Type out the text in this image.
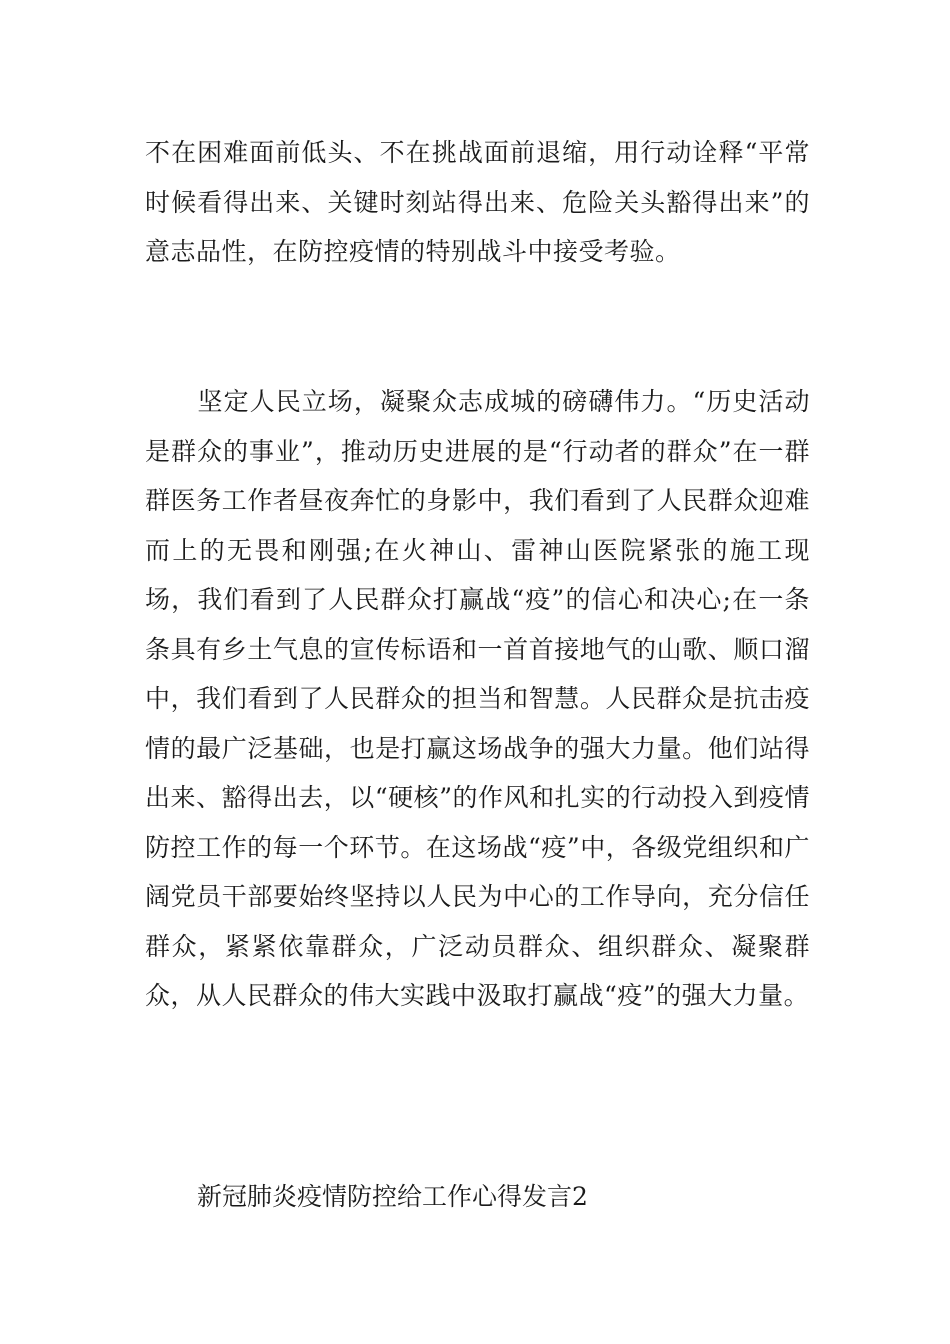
不在困难面前低头、不在挑战面前退缩，用行动诠释“平常时候看得出来、关键时刻站得出来、危险关头豁得出来”的意志品性，在防控疫情的特别战斗中接受考验。

坚定人民立场，凝聚众志成城的磅礴伟力。“历史活动是群众的事业”，推动历史进展的是“行动者的群众”在一群群医务工作者昼夜奔忙的身影中，我们看到了人民群众迎难而上的无畏和刚强;在火神山、雷神山医院紧张的施工现场，我们看到了人民群众打赢战“疫”的信心和决心;在一条条具有乡土气息的宣传标语和一首首接地气的山歌、顺口溜中，我们看到了人民群众的担当和智慧。人民群众是抗击疫情的最广泛基础，也是打赢这场战争的强大力量。他们站得出来、豁得出去，以“硬核”的作风和扎实的行动投入到疫情防控工作的每一个环节。在这场战“疫”中，各级党组织和广阔党员干部要始终坚持以人民为中心的工作导向，充分信任群众，紧紧依靠群众，广泛动员群众、组织群众、凝聚群众，从人民群众的伟大实践中汲取打赢战“疫”的强大力量。

新冠肺炎疫情防控给工作心得发言2
